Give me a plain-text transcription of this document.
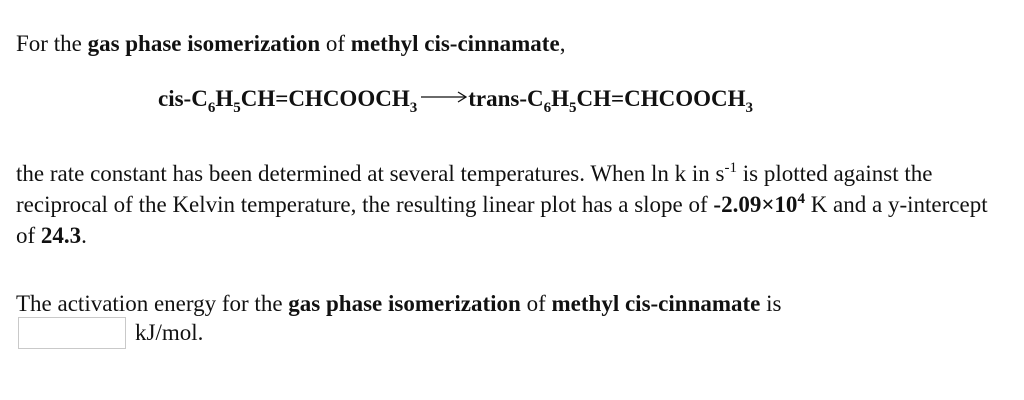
For the gas phase isomerization of methyl cis-cinnamate,

cis-$C_6H_5CH=CHCOOCH_3$ trans-$C_6H_5CH=CHCOOCH_3$

the rate constant has been determined at several temperatures. When ln k in $s^{-1}$ is plotted against the reciprocal of the Kelvin temperature, the resulting linear plot has a slope of $-2.09\times 10^4$ K and a y-intercept of 24.3.

The activation energy for the gas phase isomerization of methyl cis-cinnamate is

kJ/mol.
